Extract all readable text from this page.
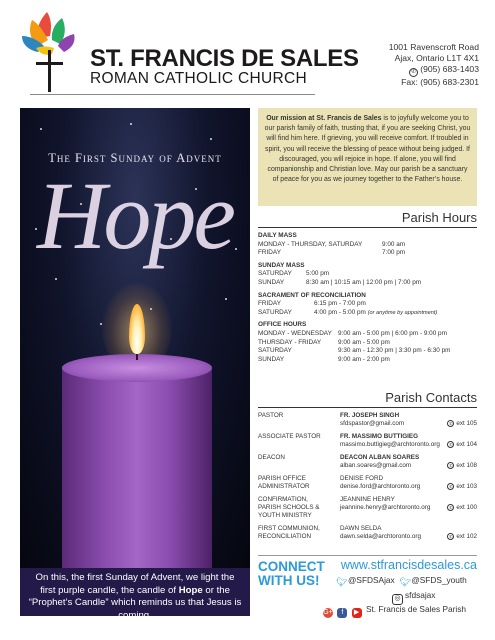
ST. FRANCIS DE SALES
ROMAN CATHOLIC CHURCH
1001 Ravenscroft Road
Ajax, Ontario L1T 4X1
✆ (905) 683-1403
Fax: (905) 683-2301
The First Sunday of Advent
Hope
On this, the first Sunday of Advent, we light the first purple candle, the candle of Hope or the “Prophet’s Candle” which reminds us that Jesus is coming.
Our mission at St. Francis de Sales is to joyfully welcome you to our parish family of faith, trusting that, if you are seeking Christ, you will find him here. If grieving, you will receive comfort. If troubled in spirit, you will receive the blessing of peace without being judged. If discouraged, you will rejoice in hope. If alone, you will find companionship and Christian love. May our parish be a sanctuary of peace for you as we journey together to the Father’s house.
Parish Hours
DAILY MASS
MONDAY - THURSDAY, SATURDAY	9:00 am
FRIDAY	7:00 pm
SUNDAY MASS
SATURDAY	5:00 pm
SUNDAY	8:30 am | 10:15 am | 12:00 pm | 7:00 pm
SACRAMENT OF RECONCILIATION
FRIDAY	6:15 pm - 7:00 pm
SATURDAY	4:00 pm - 5:00 pm
(or anytime by appointment)
OFFICE HOURS
MONDAY - WEDNESDAY 9:00 am - 5:00 pm | 6:00 pm - 9:00 pm
THURSDAY - FRIDAY	9:00 am - 5:00 pm
SATURDAY	9:30 am - 12:30 pm | 3:30 pm - 6:30 pm
SUNDAY	9:00 am - 2:00 pm
Parish Contacts
PASTOR	FR. JOSEPH SINGH
sfdspastor@gmail.com	✆ ext 105
ASSOCIATE PASTOR	FR. MASSIMO BUTTIGIEG
massimo.buttigieg@archtoronto.org	✆ ext 104
DEACON	DEACON ALBAN SOARES
alban.soares@gmail.com	✆ ext 108
PARISH OFFICE ADMINISTRATOR
DENISE FORD
denise.ford@archtoronto.org	✆ ext 103
CONFIRMATION, PARISH SCHOOLS & YOUTH MINISTRY
JEANNINE HENRY
jeannine.henry@archtoronto.org	✆ ext 100
FIRST COMMUNION, RECONCILIATION
DAWN SELDA
dawn.selda@archtoronto.org	✆ ext 102
CONNECT
WITH US!
www.stfrancisdesales.ca
🐦︎@SFDSAjax 🐦︎@SFDS_youth
◎ sfdsajax
G+ f ▶ St. Francis de Sales Parish
